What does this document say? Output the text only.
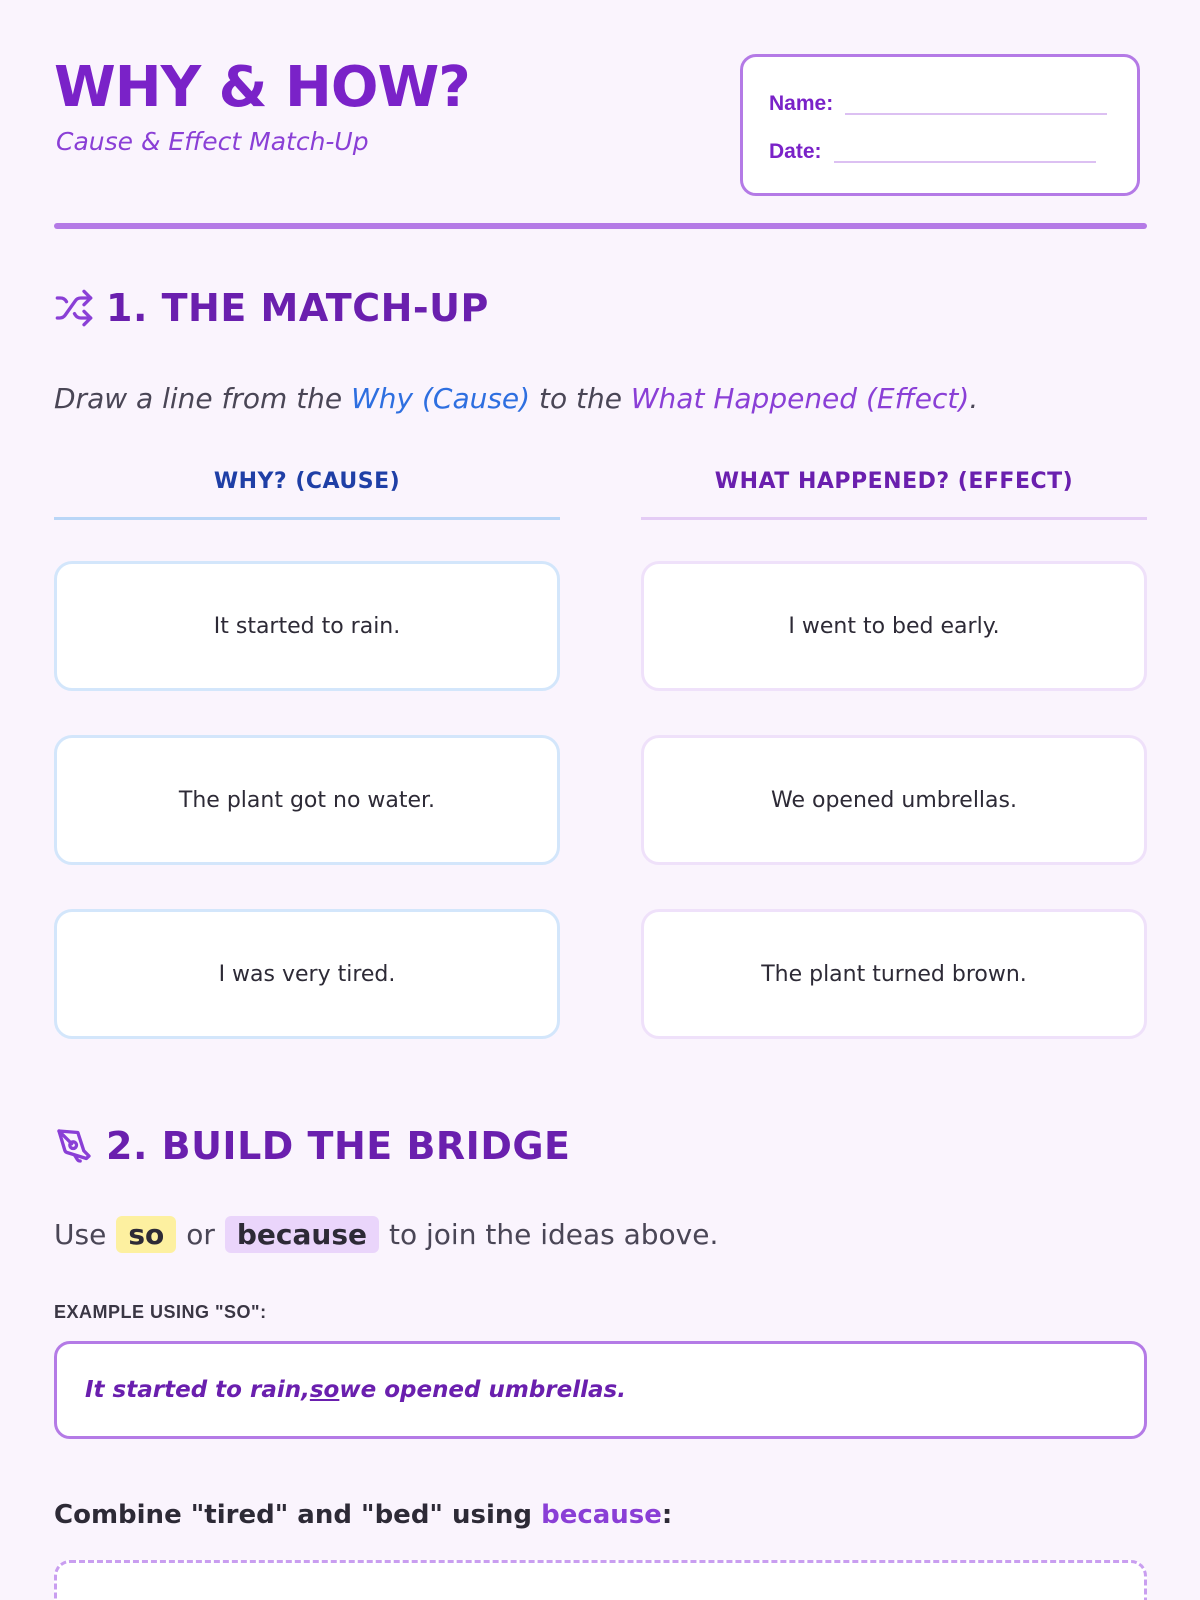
WHY & HOW?
Cause & Effect Match-Up
Name:
Date:
1. THE MATCH-UP
Draw a line from the Why (Cause) to the What Happened (Effect).
WHY? (CAUSE)
It started to rain.
The plant got no water.
I was very tired.
WHAT HAPPENED? (EFFECT)
I went to bed early.
We opened umbrellas.
The plant turned brown.
2. BUILD THE BRIDGE
Use so or because to join the ideas above.
EXAMPLE USING "SO":
It started to rain, so we opened umbrellas.
Combine "tired" and "bed" using because:
